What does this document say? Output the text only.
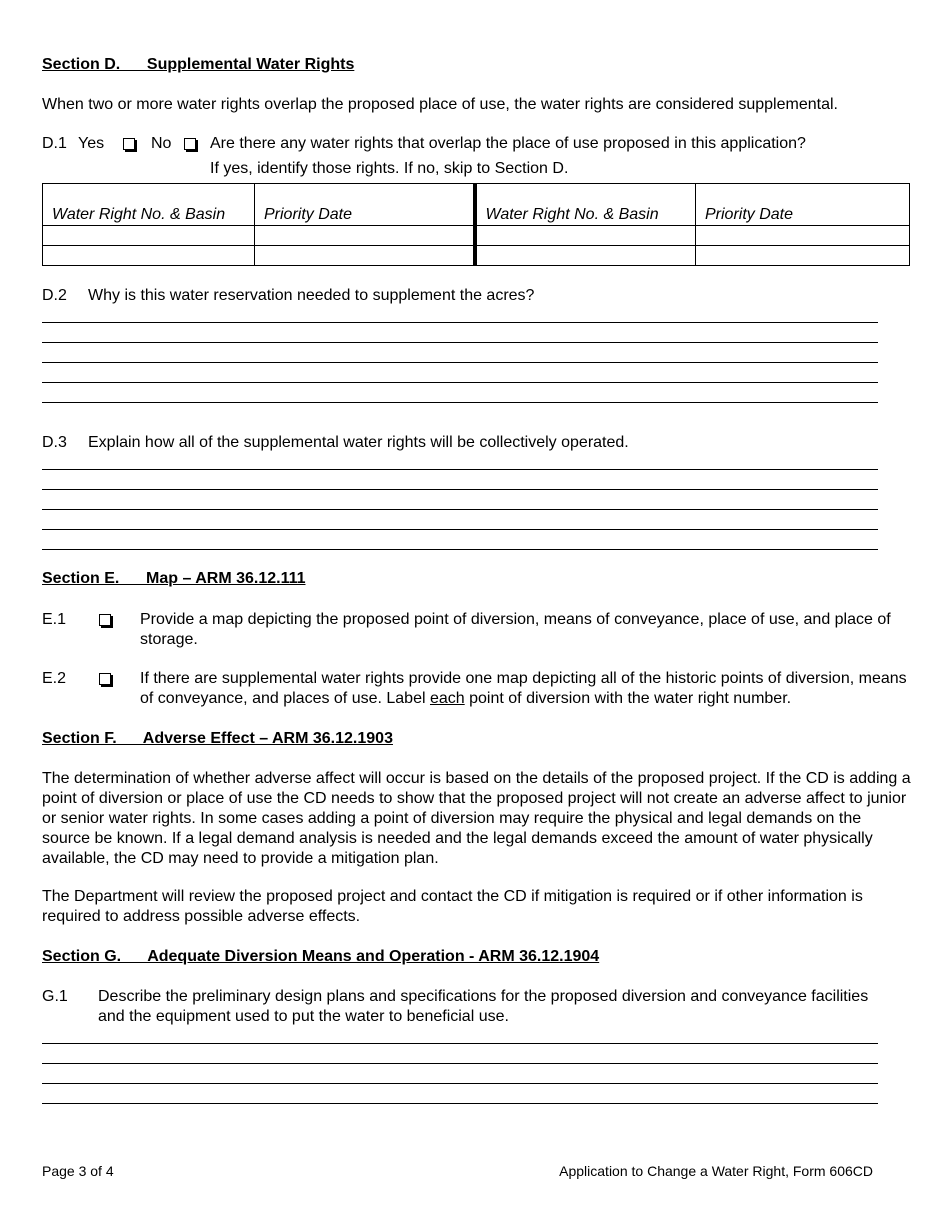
Section D.      Supplemental Water Rights
When two or more water rights overlap the proposed place of use, the water rights are considered supplemental.
D.1 Yes	No Are there any water rights that overlap the place of use proposed in this application?
If yes, identify those rights. If no, skip to Section D.
Water Right No. & Basin	Priority Date	Water Right No. & Basin	Priority Date

D.2 Why is this water reservation needed to supplement the acres?
D.3 Explain how all of the supplemental water rights will be collectively operated.
Section E.      Map – ARM 36.12.111
E.1	Provide a map depicting the proposed point of diversion, means of conveyance, place of use, and place of storage.
E.2	If there are supplemental water rights provide one map depicting all of the historic points of diversion, means of conveyance, and places of use. Label each point of diversion with the water right number.
Section F.      Adverse Effect – ARM 36.12.1903
The determination of whether adverse affect will occur is based on the details of the proposed project. If the CD is adding a point of diversion or place of use the CD needs to show that the proposed project will not create an adverse affect to junior or senior water rights. In some cases adding a point of diversion may require the physical and legal demands on the source be known. If a legal demand analysis is needed and the legal demands exceed the amount of water physically available, the CD may need to provide a mitigation plan.
The Department will review the proposed project and contact the CD if mitigation is required or if other information is required to address possible adverse effects.
Section G.      Adequate Diversion Means and Operation - ARM 36.12.1904
G.1 Describe the preliminary design plans and specifications for the proposed diversion and conveyance facilities and the equipment used to put the water to beneficial use.
Page 3 of 4	Application to Change a Water Right, Form 606CD
